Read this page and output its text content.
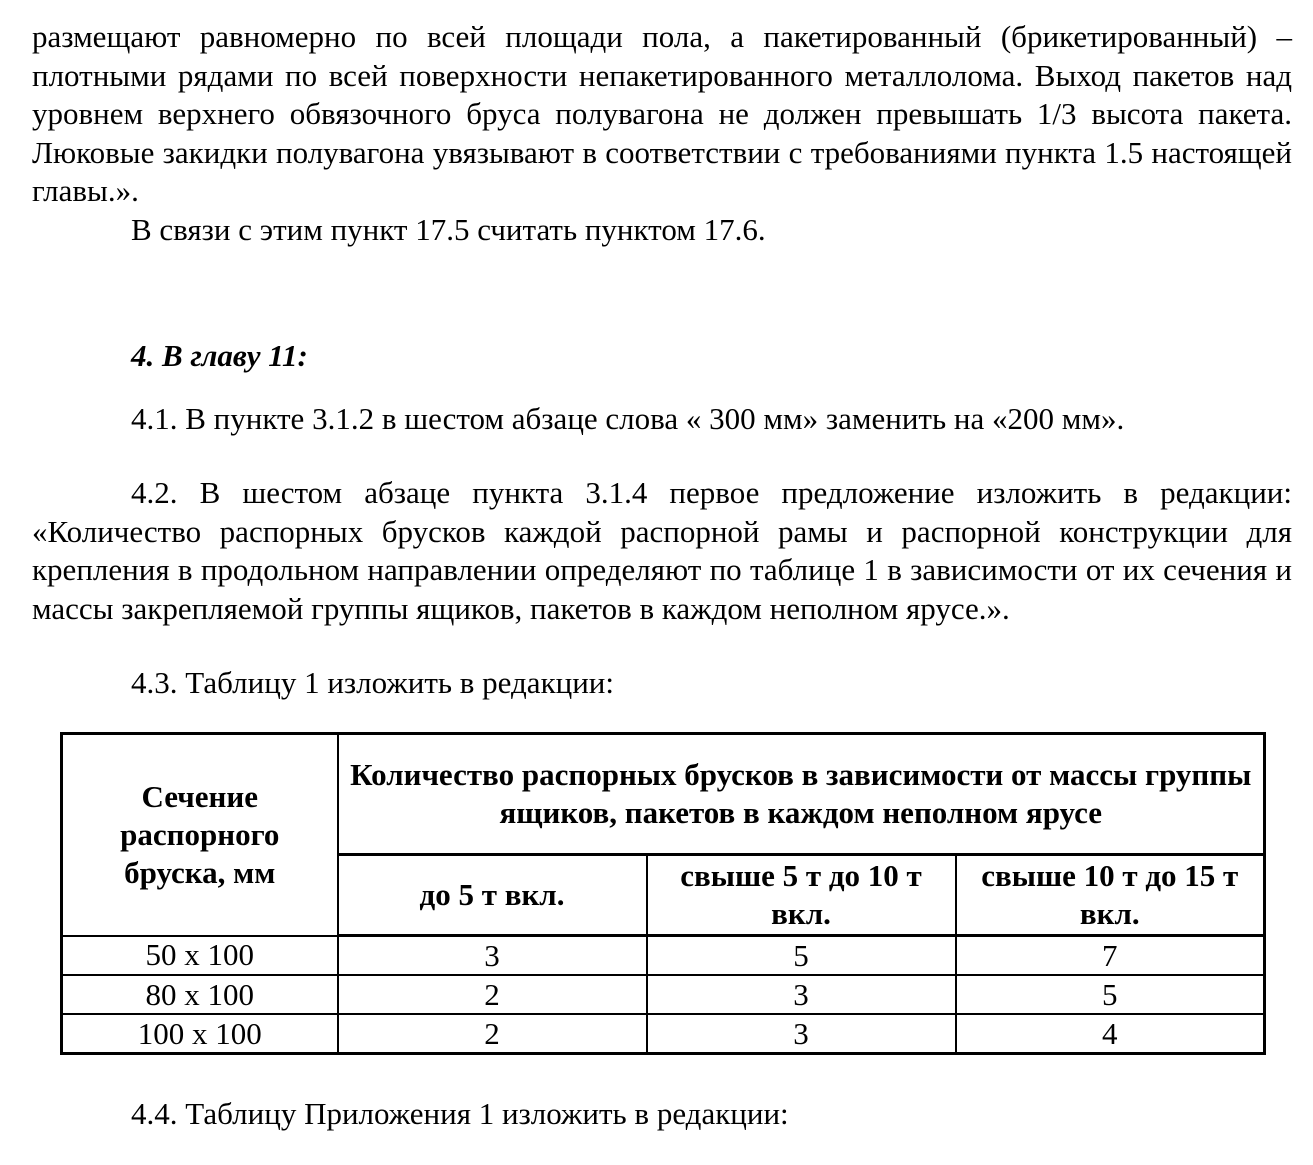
размещают равномерно по всей площади пола, а пакетированный (брикетированный) – плотными рядами по всей поверхности непакетированного металлолома. Выход пакетов над уровнем верхнего обвязочного бруса полувагона не должен превышать 1/3 высота пакета. Люковые закидки полувагона увязывают в соответствии с требованиями пункта 1.5 настоящей главы.».

В связи с этим пункт 17.5 считать пунктом 17.6.

4. В главу 11:

4.1. В пункте 3.1.2 в шестом абзаце слова « 300 мм» заменить на «200 мм».

4.2. В шестом абзаце пункта 3.1.4 первое предложение изложить в редакции: «Количество распорных брусков каждой распорной рамы и распорной конструкции для крепления в продольном направлении определяют по таблице 1 в зависимости от их сечения и массы закрепляемой группы ящиков, пакетов в каждом неполном ярусе.».

4.3. Таблицу 1 изложить в редакции:

Сечение распорного бруска, мм	Количество распорных брусков в зависимости от массы группы ящиков, пакетов в каждом неполном ярусе		
	до 5 т вкл.	свыше 5 т до 10 т вкл.	свыше 10 т до 15 т вкл.
50 х 100	3	5	7
80 х 100	2	3	5
100 х 100	2	3	4

4.4. Таблицу Приложения 1 изложить в редакции:
